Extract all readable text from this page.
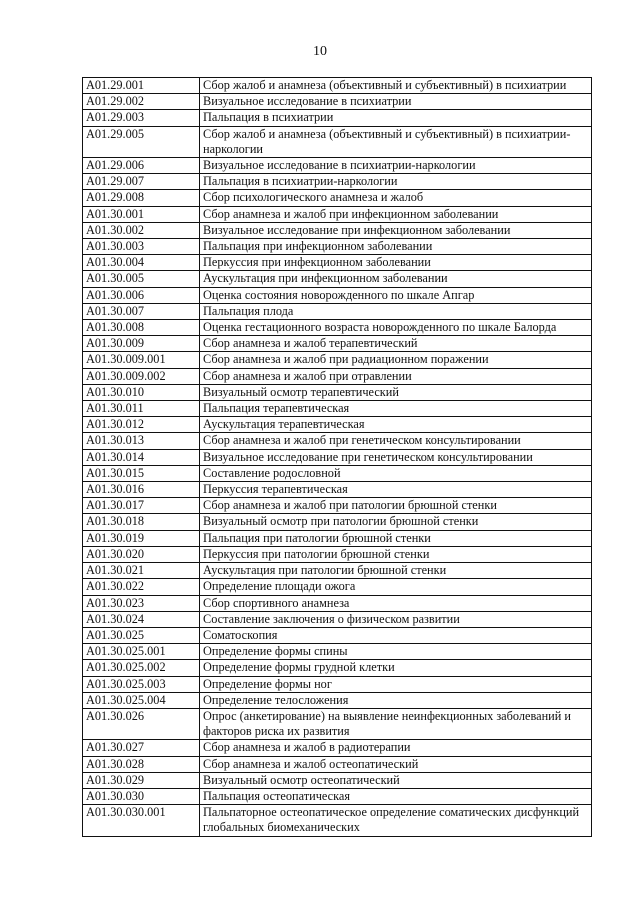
10
A01.29.001	Сбор жалоб и анамнеза (объективный и субъективный) в психиатрии
A01.29.002	Визуальное исследование в психиатрии
A01.29.003	Пальпация в психиатрии
A01.29.005	Сбор жалоб и анамнеза (объективный и субъективный) в психиатрии-наркологии
A01.29.006	Визуальное исследование в психиатрии-наркологии
A01.29.007	Пальпация в психиатрии-наркологии
A01.29.008	Сбор психологического анамнеза и жалоб
A01.30.001	Сбор анамнеза и жалоб при инфекционном заболевании
A01.30.002	Визуальное исследование при инфекционном заболевании
A01.30.003	Пальпация при инфекционном заболевании
A01.30.004	Перкуссия при инфекционном заболевании
A01.30.005	Аускультация при инфекционном заболевании
A01.30.006	Оценка состояния новорожденного по шкале Апгар
A01.30.007	Пальпация плода
A01.30.008	Оценка гестационного возраста новорожденного по шкале Балорда
A01.30.009	Сбор анамнеза и жалоб терапевтический
A01.30.009.001	Сбор анамнеза и жалоб при радиационном поражении
A01.30.009.002	Сбор анамнеза и жалоб при отравлении
A01.30.010	Визуальный осмотр терапевтический
A01.30.011	Пальпация терапевтическая
A01.30.012	Аускультация терапевтическая
A01.30.013	Сбор анамнеза и жалоб при генетическом консультировании
A01.30.014	Визуальное исследование при генетическом консультировании
A01.30.015	Составление родословной
A01.30.016	Перкуссия терапевтическая
A01.30.017	Сбор анамнеза и жалоб при патологии брюшной стенки
A01.30.018	Визуальный осмотр при патологии брюшной стенки
A01.30.019	Пальпация при патологии брюшной стенки
A01.30.020	Перкуссия при патологии брюшной стенки
A01.30.021	Аускультация при патологии брюшной стенки
A01.30.022	Определение площади ожога
A01.30.023	Сбор спортивного анамнеза
A01.30.024	Составление заключения о физическом развитии
A01.30.025	Соматоскопия
A01.30.025.001	Определение формы спины
A01.30.025.002	Определение формы грудной клетки
A01.30.025.003	Определение формы ног
A01.30.025.004	Определение телосложения
A01.30.026	Опрос (анкетирование) на выявление неинфекционных заболеваний и факторов риска их развития
A01.30.027	Сбор анамнеза и жалоб в радиотерапии
A01.30.028	Сбор анамнеза и жалоб остеопатический
A01.30.029	Визуальный осмотр остеопатический
A01.30.030	Пальпация остеопатическая
A01.30.030.001	Пальпаторное остеопатическое определение соматических дисфункций глобальных биомеханических
